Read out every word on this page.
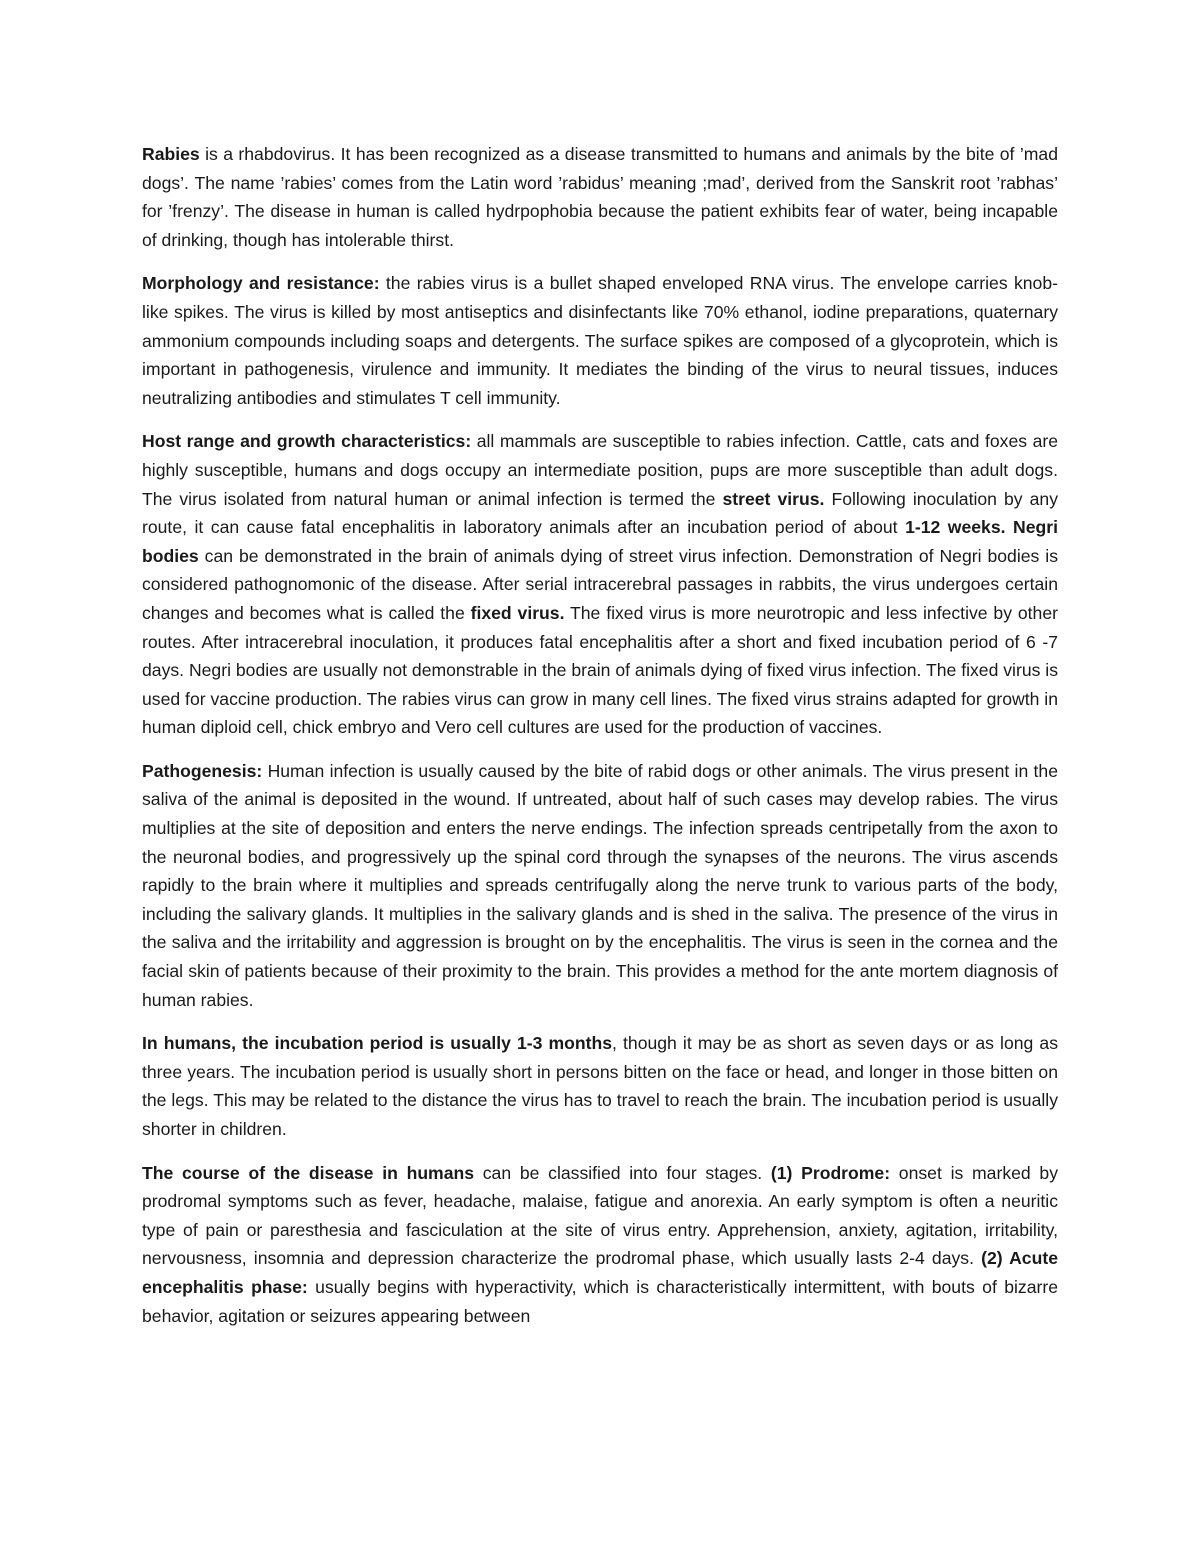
Rabies is a rhabdovirus. It has been recognized as a disease transmitted to humans and animals by the bite of ’mad dogs’. The name ’rabies’ comes from the Latin word ’rabidus’ meaning ;mad’, derived from the Sanskrit root ’rabhas’ for ’frenzy’. The disease in human is called hydrpophobia because the patient exhibits fear of water, being incapable of drinking, though has intolerable thirst.

Morphology and resistance: the rabies virus is a bullet shaped enveloped RNA virus. The envelope carries knob-like spikes. The virus is killed by most antiseptics and disinfectants like 70% ethanol, iodine preparations, quaternary ammonium compounds including soaps and detergents. The surface spikes are composed of a glycoprotein, which is important in pathogenesis, virulence and immunity. It mediates the binding of the virus to neural tissues, induces neutralizing antibodies and stimulates T cell immunity.

Host range and growth characteristics: all mammals are susceptible to rabies infection. Cattle, cats and foxes are highly susceptible, humans and dogs occupy an intermediate position, pups are more susceptible than adult dogs. The virus isolated from natural human or animal infection is termed the street virus. Following inoculation by any route, it can cause fatal encephalitis in laboratory animals after an incubation period of about 1-12 weeks. Negri bodies can be demonstrated in the brain of animals dying of street virus infection. Demonstration of Negri bodies is considered pathognomonic of the disease. After serial intracerebral passages in rabbits, the virus undergoes certain changes and becomes what is called the fixed virus. The fixed virus is more neurotropic and less infective by other routes. After intracerebral inoculation, it produces fatal encephalitis after a short and fixed incubation period of 6 -7 days. Negri bodies are usually not demonstrable in the brain of animals dying of fixed virus infection. The fixed virus is used for vaccine production. The rabies virus can grow in many cell lines. The fixed virus strains adapted for growth in human diploid cell, chick embryo and Vero cell cultures are used for the production of vaccines.

Pathogenesis: Human infection is usually caused by the bite of rabid dogs or other animals. The virus present in the saliva of the animal is deposited in the wound. If untreated, about half of such cases may develop rabies. The virus multiplies at the site of deposition and enters the nerve endings. The infection spreads centripetally from the axon to the neuronal bodies, and progressively up the spinal cord through the synapses of the neurons. The virus ascends rapidly to the brain where it multiplies and spreads centrifugally along the nerve trunk to various parts of the body, including the salivary glands. It multiplies in the salivary glands and is shed in the saliva. The presence of the virus in the saliva and the irritability and aggression is brought on by the encephalitis. The virus is seen in the cornea and the facial skin of patients because of their proximity to the brain. This provides a method for the ante mortem diagnosis of human rabies.

In humans, the incubation period is usually 1-3 months, though it may be as short as seven days or as long as three years. The incubation period is usually short in persons bitten on the face or head, and longer in those bitten on the legs. This may be related to the distance the virus has to travel to reach the brain. The incubation period is usually shorter in children.

The course of the disease in humans can be classified into four stages. (1) Prodrome: onset is marked by prodromal symptoms such as fever, headache, malaise, fatigue and anorexia. An early symptom is often a neuritic type of pain or paresthesia and fasciculation at the site of virus entry. Apprehension, anxiety, agitation, irritability, nervousness, insomnia and depression characterize the prodromal phase, which usually lasts 2-4 days. (2) Acute encephalitis phase: usually begins with hyperactivity, which is characteristically intermittent, with bouts of bizarre behavior, agitation or seizures appearing between
